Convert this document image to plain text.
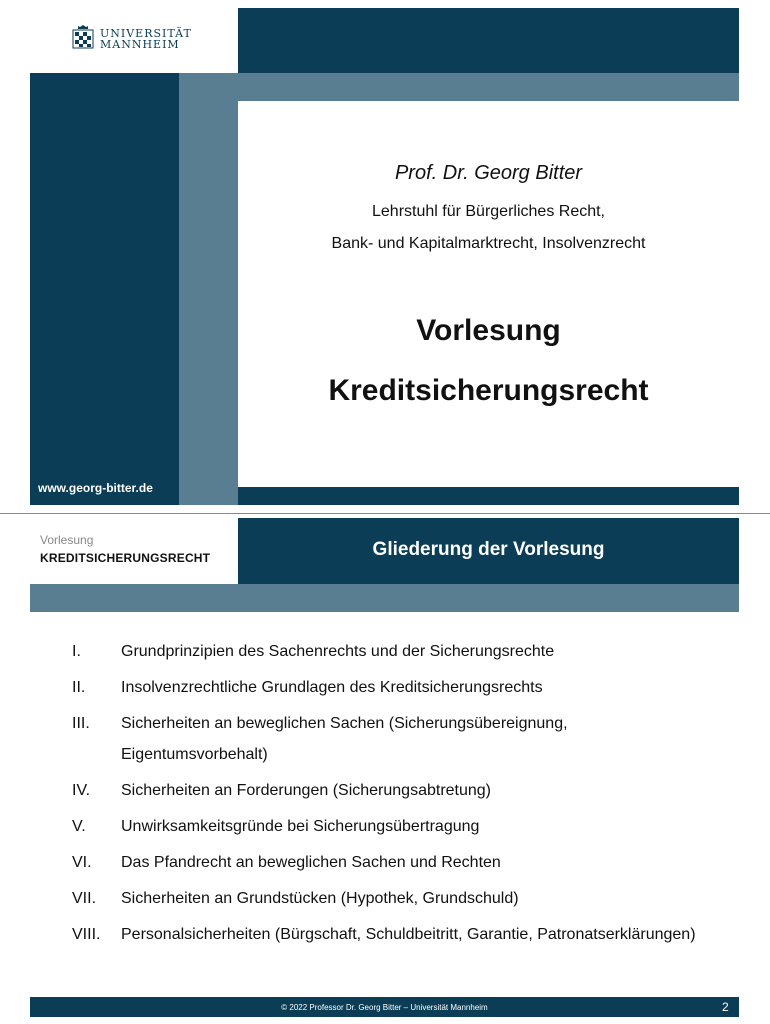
UNIVERSITÄT
MANNHEIM
Prof. Dr. Georg Bitter
Lehrstuhl für Bürgerliches Recht,
Bank- und Kapitalmarktrecht, Insolvenzrecht
Vorlesung
Kreditsicherungsrecht
www.georg-bitter.de
Vorlesung
KREDITSICHERUNGSRECHT	Gliederung der Vorlesung
I.	Grundprinzipien des Sachenrechts und der Sicherungsrechte
II.	Insolvenzrechtliche Grundlagen des Kreditsicherungsrechts
III.	Sicherheiten an beweglichen Sachen (Sicherungsübereignung, Eigentumsvorbehalt)
IV.	Sicherheiten an Forderungen (Sicherungsabtretung)
V.	Unwirksamkeitsgründe bei Sicherungsübertragung
VI.	Das Pfandrecht an beweglichen Sachen und Rechten
VII.	Sicherheiten an Grundstücken (Hypothek, Grundschuld)
VIII.	Personalsicherheiten (Bürgschaft, Schuldbeitritt, Garantie, Patronatserklärungen)
© 2022 Professor Dr. Georg Bitter – Universität Mannheim	2
